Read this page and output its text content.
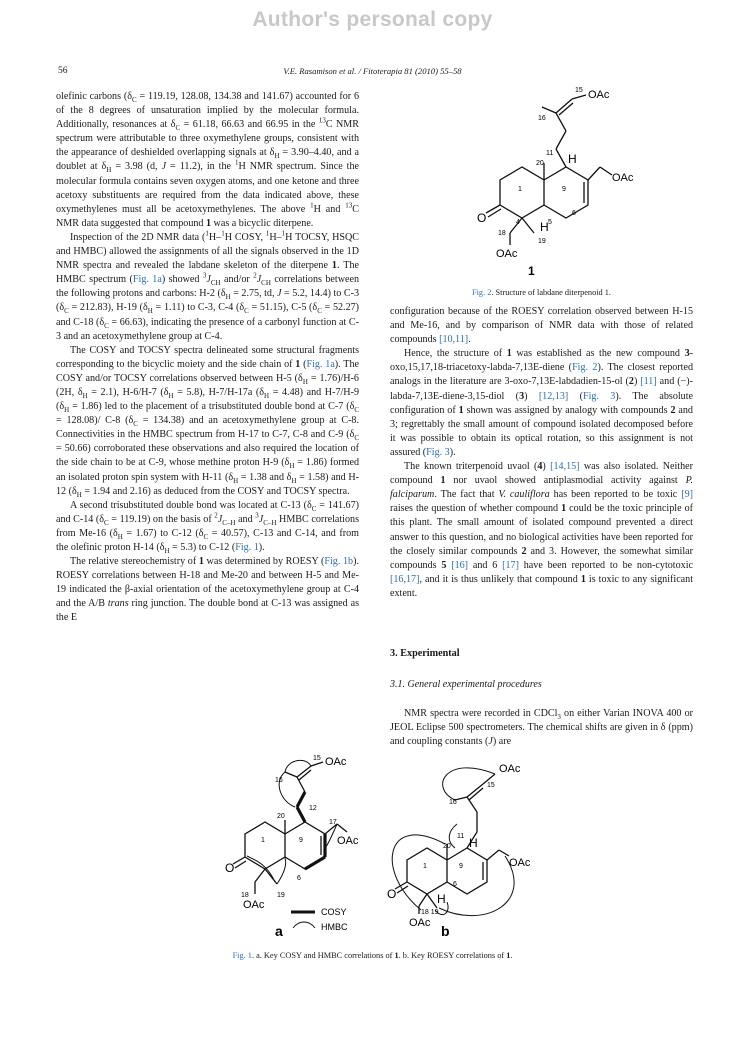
Author's personal copy
56	V.E. Rasamison et al. / Fitoterapia 81 (2010) 55–58

olefinic carbons ($\delta_C = 119.19$, 128.08, 134.38 and 141.67) accounted for 6 of the 8 degrees of unsaturation implied by the molecular formula. Additionally, resonances at $\delta_C = 61.18$, 66.63 and 66.95 in the $^{13}$C NMR spectrum were attributable to three oxymethylene groups, consistent with the appearance of deshielded overlapping signals at $\delta_H = 3.90-4.40$, and a doublet at $\delta_H = 3.98$ (d, J = 11.2), in the $^1$H NMR spectrum. Since the molecular formula contains seven oxygen atoms, and one ketone and three acetoxy substituents are required from the data indicated above, these oxymethylenes must all be acetoxymethylenes. The above $^1$H and $^{13}$C NMR data suggested that compound 1 was a bicyclic diterpene.

Inspection of the 2D NMR data ($^1$H–$^1$H COSY, $^1$H–$^1$H TOCSY, HSQC and HMBC) allowed the assignments of all the signals observed in the 1D NMR spectra and revealed the labdane skeleton of the diterpene 1. The HMBC spectrum (Fig. 1a) showed $^3J_{CH}$ and/or $^2J_{CH}$ correlations between the following protons and carbons: H-2 ($\delta_H = 2.75$, td, J = 5.2, 14.4) to C-3 $(\delta_C = 212.83)$, H-19 $(\delta_H = 1.11)$ to C-3, C-4 $(\delta_C = 51.15)$, C-5 $(\delta_C = 52.27)$ and C-18 $(\delta_C = 66.63)$, indicating the presence of a carbonyl function at C-3 and an acetoxymethylene group at C-4.

The COSY and TOCSY spectra delineated some structural fragments corresponding to the bicyclic moiety and the side chain of 1 (Fig. 1a). The COSY and/or TOCSY correlations observed between H-5 $(\delta_H = 1.76)/H-6$ (2H, $\delta_H = 2.1$), H-6/H-7 $(\delta_H = 5.8)$, H-7/H-17a $(\delta_H = 4.48)$ and H-7/H-9 $(\delta_H = 1.86)$ led to the placement of a trisubstituted double bond at C-7 $(\delta_C = 128.08)/$ C-8 $(\delta_C = 134.38)$ and an acetoxymethylene group at C-8. Connectivities in the HMBC spectrum from H-17 to C-7, C-8 and C-9 $(\delta_C = 50.66)$ corroborated these observations and also required the location of the side chain to be at C-9, whose methine proton H-9 $(\delta_H = 1.86)$ formed an isolated proton spin system with H-11 ($\delta_H = 1.38$ and $\delta_H = 1.58$) and H-12 ($\delta_H = 1.94$ and 2.16) as deduced from the COSY and TOCSY spectra.

A second trisubstituted double bond was located at C-13 $(\delta_C = 141.67)$ and C-14 $(\delta_C = 119.19)$ on the basis of $^2J_{C-H}$ and $^3J_{C-H}$ HMBC correlations from Me-16 $(\delta_H = 1.67)$ to C-12 $(\delta_C = 40.57)$, C-13 and C-14, and from the olefinic proton H-14 $(\delta_H = 5.3)$ to C-12 (Fig. 1).

The relative stereochemistry of 1 was determined by ROESY (Fig. 1b). ROESY correlations between H-18 and Me-20 and between H-5 and Me-19 indicated the β-axial orientation of the acetoxymethylene group at C-4 and the A/B trans ring junction. The double bond at C-13 was assigned as the E

OAc
15
16
11
20 H
1	9
OAc
O
18
4	5
H
19
6
OAc
1
Fig. 2. Structure of labdane diterpenoid 1.

configuration because of the ROESY correlation observed between H-15 and Me-16, and by comparison of NMR data with those of related compounds [10,11].

Hence, the structure of 1 was established as the new compound 3-oxo,15,17,18-triacetoxy-labda-7,13E-diene (Fig. 2). The closest reported analogs in the literature are 3-oxo-7,13E-labdadien-15-ol (2) [11] and (−)-labda-7,13E-diene-3,15-diol (3) [12,13] (Fig. 3). The absolute configuration of 1 shown was assigned by analogy with compounds 2 and 3; regrettably the small amount of compound isolated decomposed before it was possible to obtain its optical rotation, so this assignment is not assured (Fig. 3).

The known triterpenoid uvaol (4) [14,15] was also isolated. Neither compound 1 nor uvaol showed antiplasmodial activity against P. falciparum. The fact that V. cauliflora has been reported to be toxic [9] raises the question of whether compound 1 could be the toxic principle of this plant. The small amount of isolated compound prevented a direct answer to this question, and no biological activities have been reported for the closely similar compounds 2 and 3. However, the somewhat similar compounds 5 [16] and 6 [17] have been reported to be non-cytotoxic [16,17], and it is thus unlikely that compound 1 is toxic to any significant extent.

3. Experimental
3.1. General experimental procedures

NMR spectra were recorded in CDCl$_3$ on either Varian INOVA 400 or JEOL Eclipse 500 spectrometers. The chemical shifts are given in δ (ppm) and coupling constants (J) are

OAc
15
16
12
20
17
1	9	OAc
O
6
18	19
OAc
COSY
HMBC
a
OAc
15
16
11 H
20
1	9	OAc
O
6
H
18 19
OAc b
Fig. 1. a. Key COSY and HMBC correlations of 1. b. Key ROESY correlations of 1.
